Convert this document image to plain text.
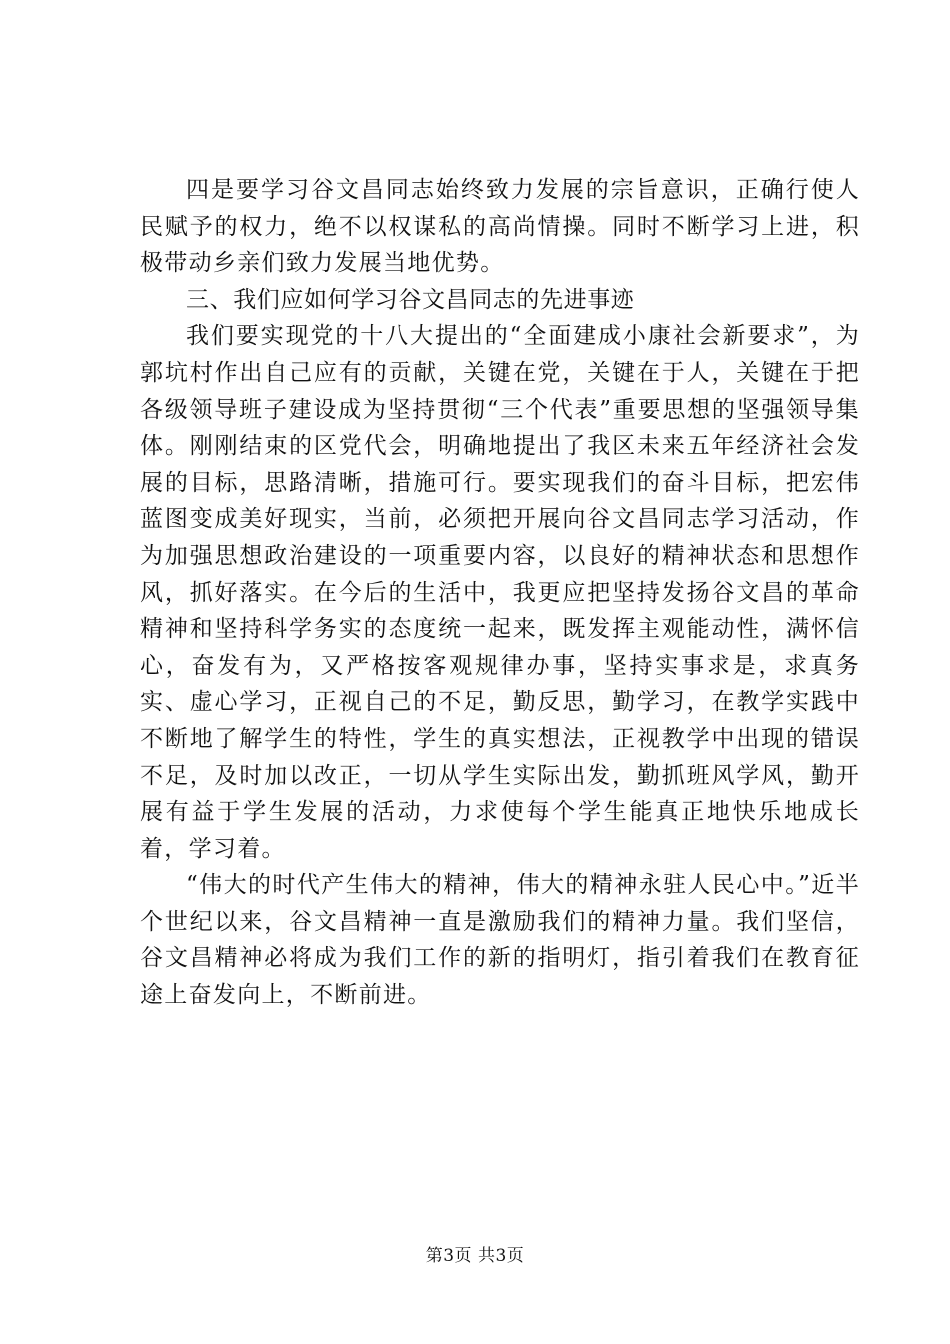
四是要学习谷文昌同志始终致力发展的宗旨意识，正确行使人民赋予的权力，绝不以权谋私的高尚情操。同时不断学习上进，积极带动乡亲们致力发展当地优势。

三、我们应如何学习谷文昌同志的先进事迹

我们要实现党的十八大提出的“全面建成小康社会新要求”，为郭坑村作出自己应有的贡献，关键在党，关键在于人，关键在于把各级领导班子建设成为坚持贯彻“三个代表”重要思想的坚强领导集体。刚刚结束的区党代会，明确地提出了我区未来五年经济社会发展的目标，思路清晰，措施可行。要实现我们的奋斗目标，把宏伟蓝图变成美好现实，当前，必须把开展向谷文昌同志学习活动，作为加强思想政治建设的一项重要内容，以良好的精神状态和思想作风，抓好落实。在今后的生活中，我更应把坚持发扬谷文昌的革命精神和坚持科学务实的态度统一起来，既发挥主观能动性，满怀信心，奋发有为，又严格按客观规律办事，坚持实事求是，求真务实、虚心学习，正视自己的不足，勤反思，勤学习，在教学实践中不断地了解学生的特性，学生的真实想法，正视教学中出现的错误不足，及时加以改正，一切从学生实际出发，勤抓班风学风，勤开展有益于学生发展的活动，力求使每个学生能真正地快乐地成长着，学习着。

“伟大的时代产生伟大的精神，伟大的精神永驻人民心中。”近半个世纪以来，谷文昌精神一直是激励我们的精神力量。我们坚信，谷文昌精神必将成为我们工作的新的指明灯，指引着我们在教育征途上奋发向上，不断前进。

第3页 共3页
